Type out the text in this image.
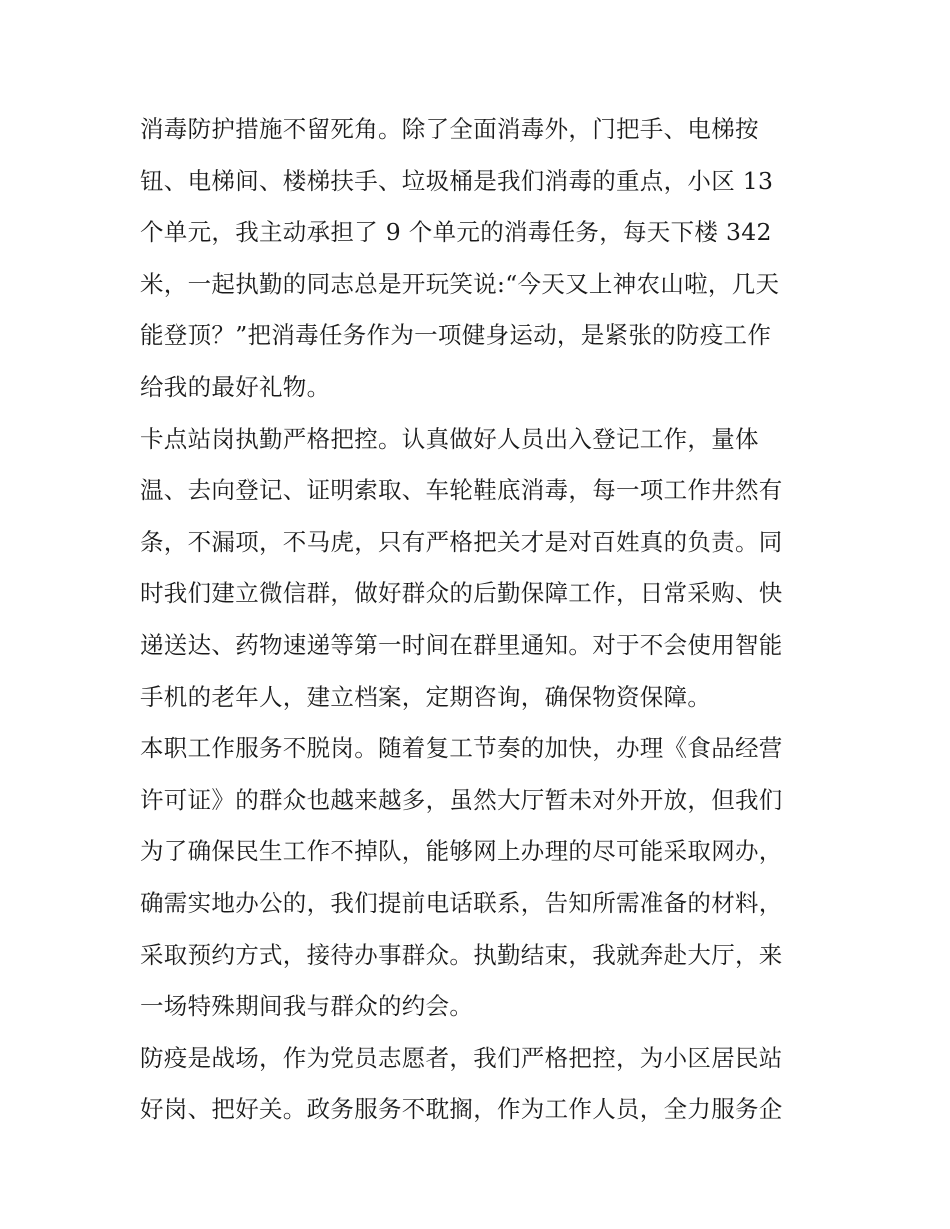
消毒防护措施不留死角。除了全面消毒外，门把手、电梯按
钮、电梯间、楼梯扶手、垃圾桶是我们消毒的重点，小区 13
个单元，我主动承担了 9 个单元的消毒任务，每天下楼 342
米，一起执勤的同志总是开玩笑说:“今天又上神农山啦，几天
能登顶？”把消毒任务作为一项健身运动，是紧张的防疫工作
给我的最好礼物。
卡点站岗执勤严格把控。认真做好人员出入登记工作，量体
温、去向登记、证明索取、车轮鞋底消毒，每一项工作井然有
条，不漏项，不马虎，只有严格把关才是对百姓真的负责。同
时我们建立微信群，做好群众的后勤保障工作，日常采购、快
递送达、药物速递等第一时间在群里通知。对于不会使用智能
手机的老年人，建立档案，定期咨询，确保物资保障。
本职工作服务不脱岗。随着复工节奏的加快，办理《食品经营
许可证》的群众也越来越多，虽然大厅暂未对外开放，但我们
为了确保民生工作不掉队，能够网上办理的尽可能采取网办，
确需实地办公的，我们提前电话联系，告知所需准备的材料，
采取预约方式，接待办事群众。执勤结束，我就奔赴大厅，来
一场特殊期间我与群众的约会。
防疫是战场，作为党员志愿者，我们严格把控，为小区居民站
好岗、把好关。政务服务不耽搁，作为工作人员，全力服务企
